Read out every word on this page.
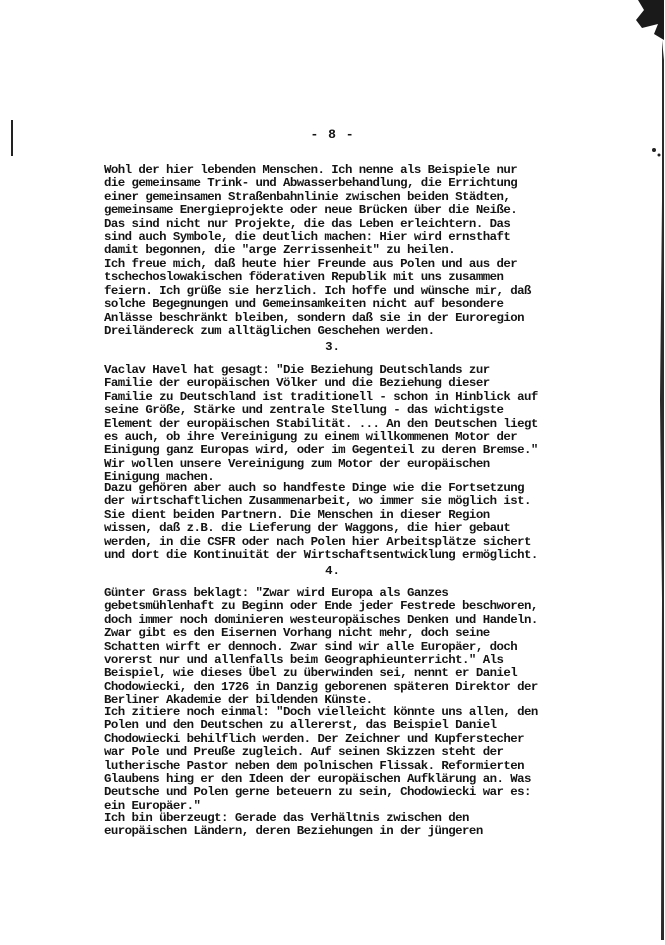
- 8 -

Wohl der hier lebenden Menschen. Ich nenne als Beispiele nur
die gemeinsame Trink- und Abwasserbehandlung, die Errichtung
einer gemeinsamen Straßenbahnlinie zwischen beiden Städten,
gemeinsame Energieprojekte oder neue Brücken über die Neiße.
Das sind nicht nur Projekte, die das Leben erleichtern. Das
sind auch Symbole, die deutlich machen: Hier wird ernsthaft
damit begonnen, die "arge Zerrissenheit" zu heilen.

Ich freue mich, daß heute hier Freunde aus Polen und aus der
tschechoslowakischen föderativen Republik mit uns zusammen
feiern. Ich grüße sie herzlich. Ich hoffe und wünsche mir, daß
solche Begegnungen und Gemeinsamkeiten nicht auf besondere
Anlässe beschränkt bleiben, sondern daß sie in der Euroregion
Dreiländereck zum alltäglichen Geschehen werden.

3.

Vaclav Havel hat gesagt: "Die Beziehung Deutschlands zur
Familie der europäischen Völker und die Beziehung dieser
Familie zu Deutschland ist traditionell - schon in Hinblick auf
seine Größe, Stärke und zentrale Stellung - das wichtigste
Element der europäischen Stabilität. ... An den Deutschen liegt
es auch, ob ihre Vereinigung zu einem willkommenen Motor der
Einigung ganz Europas wird, oder im Gegenteil zu deren Bremse."
Wir wollen unsere Vereinigung zum Motor der europäischen
Einigung machen.

Dazu gehören aber auch so handfeste Dinge wie die Fortsetzung
der wirtschaftlichen Zusammenarbeit, wo immer sie möglich ist.
Sie dient beiden Partnern. Die Menschen in dieser Region
wissen, daß z.B. die Lieferung der Waggons, die hier gebaut
werden, in die CSFR oder nach Polen hier Arbeitsplätze sichert
und dort die Kontinuität der Wirtschaftsentwicklung ermöglicht.

4.

Günter Grass beklagt: "Zwar wird Europa als Ganzes
gebetsmühlenhaft zu Beginn oder Ende jeder Festrede beschworen,
doch immer noch dominieren westeuropäisches Denken und Handeln.
Zwar gibt es den Eisernen Vorhang nicht mehr, doch seine
Schatten wirft er dennoch. Zwar sind wir alle Europäer, doch
vorerst nur und allenfalls beim Geographieunterricht." Als
Beispiel, wie dieses Übel zu überwinden sei, nennt er Daniel
Chodowiecki, den 1726 in Danzig geborenen späteren Direktor der
Berliner Akademie der bildenden Künste.

Ich zitiere noch einmal: "Doch vielleicht könnte uns allen, den
Polen und den Deutschen zu allererst, das Beispiel Daniel
Chodowiecki behilflich werden. Der Zeichner und Kupferstecher
war Pole und Preuße zugleich. Auf seinen Skizzen steht der
lutherische Pastor neben dem polnischen Flissak. Reformierten
Glaubens hing er den Ideen der europäischen Aufklärung an. Was
Deutsche und Polen gerne beteuern zu sein, Chodowiecki war es:
ein Europäer."

Ich bin überzeugt: Gerade das Verhältnis zwischen den
europäischen Ländern, deren Beziehungen in der jüngeren
